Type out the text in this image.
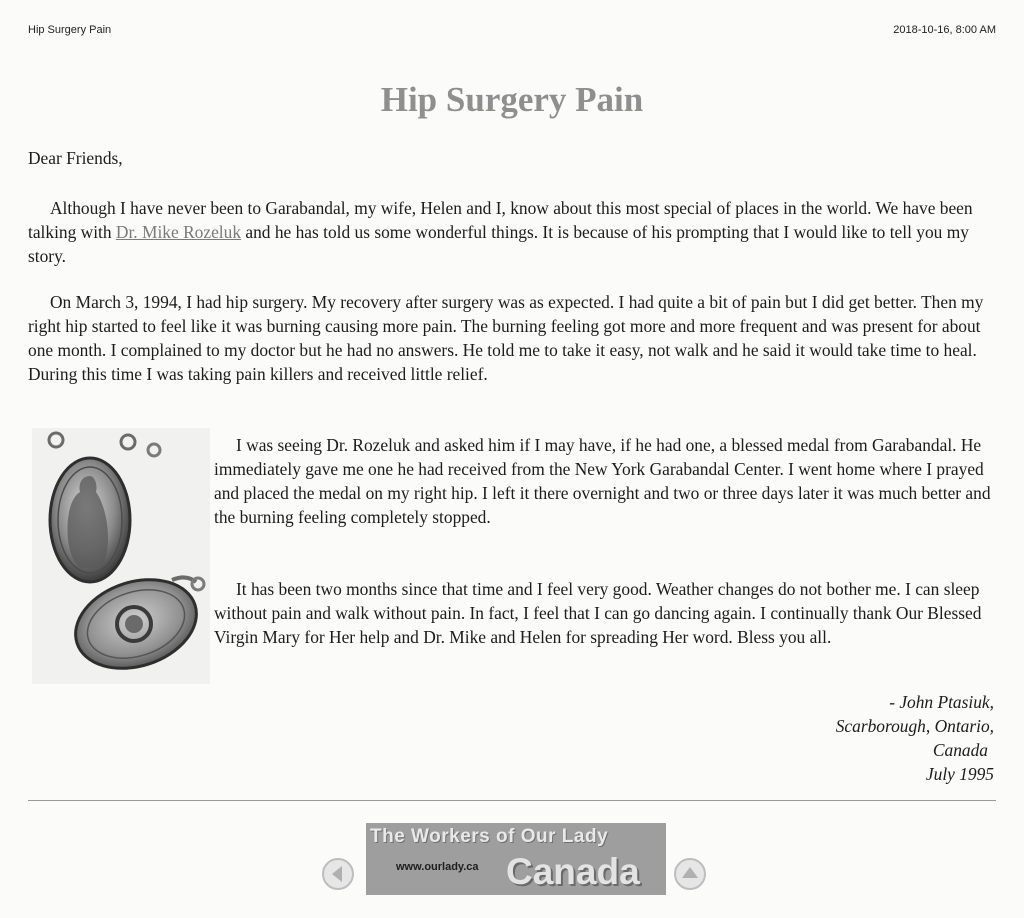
Hip Surgery Pain	2018-10-16, 8:00 AM
Hip Surgery Pain

Dear Friends,

Although I have never been to Garabandal, my wife, Helen and I, know about this most special of places in the world. We have been talking with Dr. Mike Rozeluk and he has told us some wonderful things. It is because of his prompting that I would like to tell you my story.

On March 3, 1994, I had hip surgery. My recovery after surgery was as expected. I had quite a bit of pain but I did get better. Then my right hip started to feel like it was burning causing more pain. The burning feeling got more and more frequent and was present for about one month. I complained to my doctor but he had no answers. He told me to take it easy, not walk and he said it would take time to heal. During this time I was taking pain killers and received little relief.

I was seeing Dr. Rozeluk and asked him if I may have, if he had one, a blessed medal from Garabandal. He immediately gave me one he had received from the New York Garabandal Center. I went home where I prayed and placed the medal on my right hip. I left it there overnight and two or three days later it was much better and the burning feeling completely stopped.

It has been two months since that time and I feel very good. Weather changes do not bother me. I can sleep without pain and walk without pain. In fact, I feel that I can go dancing again. I continually thank Our Blessed Virgin Mary for Her help and Dr. Mike and Helen for spreading Her word. Bless you all.

- John Ptasiuk,
Scarborough, Ontario,
Canada
July 1995
The Workers of Our Lady
www.ourlady.ca Canada
